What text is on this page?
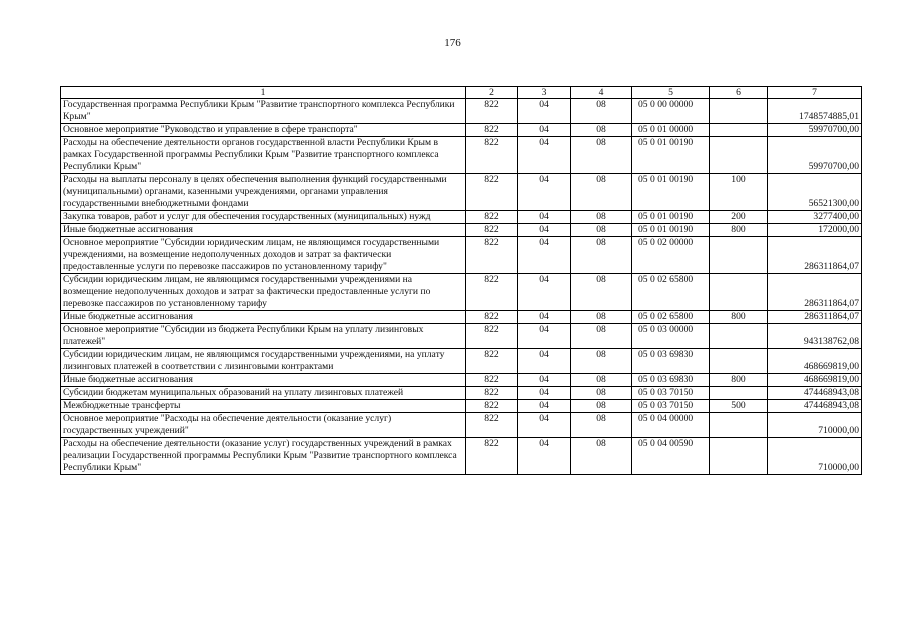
176
1	2	3	4	5	6	7
Государственная программа Республики Крым "Развитие транспортного комплекса Республики Крым"	822	04	08	05 0 00 00000		1748574885,01
Основное мероприятие "Руководство и управление в сфере транспорта"	822	04	08	05 0 01 00000		59970700,00
Расходы на обеспечение деятельности органов государственной власти Республики Крым в рамках Государственной программы Республики Крым "Развитие транспортного комплекса Республики Крым"	822	04	08	05 0 01 00190		59970700,00
Расходы на выплаты персоналу в целях обеспечения выполнения функций государственными (муниципальными) органами, казенными учреждениями, органами управления государственными внебюджетными фондами	822	04	08	05 0 01 00190	100	56521300,00
Закупка товаров, работ и услуг для обеспечения государственных (муниципальных) нужд	822	04	08	05 0 01 00190	200	3277400,00
Иные бюджетные ассигнования	822	04	08	05 0 01 00190	800	172000,00
Основное мероприятие "Субсидии юридическим лицам, не являющимся государственными учреждениями, на возмещение недополученных доходов и затрат за фактически предоставленные услуги по перевозке пассажиров по установленному тарифу"	822	04	08	05 0 02 00000		286311864,07
Субсидии юридическим лицам, не являющимся государственными учреждениями на возмещение недополученных доходов и затрат за фактически предоставленные услуги по перевозке пассажиров по установленному тарифу	822	04	08	05 0 02 65800		286311864,07
Иные бюджетные ассигнования	822	04	08	05 0 02 65800	800	286311864,07
Основное мероприятие "Субсидии из бюджета Республики Крым на уплату лизинговых платежей"	822	04	08	05 0 03 00000		943138762,08
Субсидии юридическим лицам, не являющимся государственными учреждениями, на уплату лизинговых платежей в соответствии с лизинговыми контрактами	822	04	08	05 0 03 69830		468669819,00
Иные бюджетные ассигнования	822	04	08	05 0 03 69830	800	468669819,00
Субсидии бюджетам муниципальных образований на уплату лизинговых платежей	822	04	08	05 0 03 70150		474468943,08
Межбюджетные трансферты	822	04	08	05 0 03 70150	500	474468943,08
Основное мероприятие "Расходы на обеспечение деятельности (оказание услуг) государственных учреждений"	822	04	08	05 0 04 00000		710000,00
Расходы на обеспечение деятельности (оказание услуг) государственных учреждений в рамках реализации Государственной программы Республики Крым "Развитие транспортного комплекса Республики Крым"	822	04	08	05 0 04 00590		710000,00
